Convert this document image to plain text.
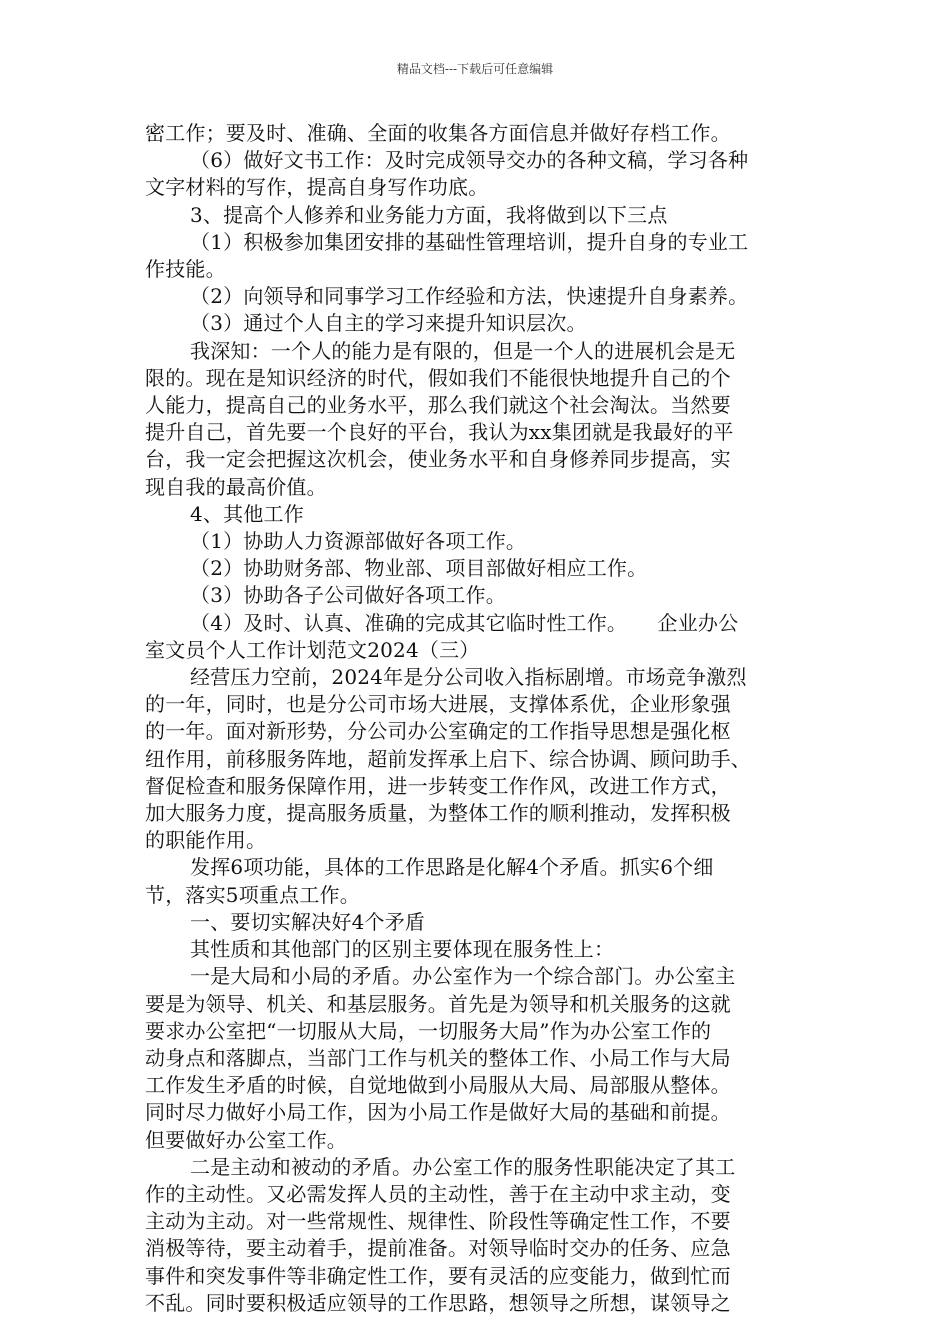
精品文档---下载后可任意编辑
密工作；要及时、准确、全面的收集各方面信息并做好存档工作。
（6）做好文书工作：及时完成领导交办的各种文稿，学习各种
文字材料的写作，提高自身写作功底。
3、提高个人修养和业务能力方面，我将做到以下三点
（1）积极参加集团安排的基础性管理培训，提升自身的专业工
作技能。
（2）向领导和同事学习工作经验和方法，快速提升自身素养。
（3）通过个人自主的学习来提升知识层次。
我深知：一个人的能力是有限的，但是一个人的进展机会是无
限的。现在是知识经济的时代，假如我们不能很快地提升自己的个
人能力，提高自己的业务水平，那么我们就这个社会淘汰。当然要
提升自己，首先要一个良好的平台，我认为xx集团就是我最好的平
台，我一定会把握这次机会，使业务水平和自身修养同步提高，实
现自我的最高价值。
4、其他工作
（1）协助人力资源部做好各项工作。
（2）协助财务部、物业部、项目部做好相应工作。
（3）协助各子公司做好各项工作。
（4）及时、认真、准确的完成其它临时性工作。　　企业办公
室文员个人工作计划范文2024（三）
经营压力空前，2024年是分公司收入指标剧增。市场竞争激烈
的一年，同时，也是分公司市场大进展，支撑体系优，企业形象强
的一年。面对新形势，分公司办公室确定的工作指导思想是强化枢
纽作用，前移服务阵地，超前发挥承上启下、综合协调、顾问助手、
督促检查和服务保障作用，进一步转变工作作风，改进工作方式，
加大服务力度，提高服务质量，为整体工作的顺利推动，发挥积极
的职能作用。
发挥6项功能，具体的工作思路是化解4个矛盾。抓实6个细
节，落实5项重点工作。
一、要切实解决好4个矛盾
其性质和其他部门的区别主要体现在服务性上：
一是大局和小局的矛盾。办公室作为一个综合部门。办公室主
要是为领导、机关、和基层服务。首先是为领导和机关服务的这就
要求办公室把“一切服从大局，一切服务大局”作为办公室工作的
动身点和落脚点，当部门工作与机关的整体工作、小局工作与大局
工作发生矛盾的时候，自觉地做到小局服从大局、局部服从整体。
同时尽力做好小局工作，因为小局工作是做好大局的基础和前提。
但要做好办公室工作。
二是主动和被动的矛盾。办公室工作的服务性职能决定了其工
作的主动性。又必需发挥人员的主动性，善于在主动中求主动，变
主动为主动。对一些常规性、规律性、阶段性等确定性工作，不要
消极等待，要主动着手，提前准备。对领导临时交办的任务、应急
事件和突发事件等非确定性工作，要有灵活的应变能力，做到忙而
不乱。同时要积极适应领导的工作思路，想领导之所想，谋领导之
